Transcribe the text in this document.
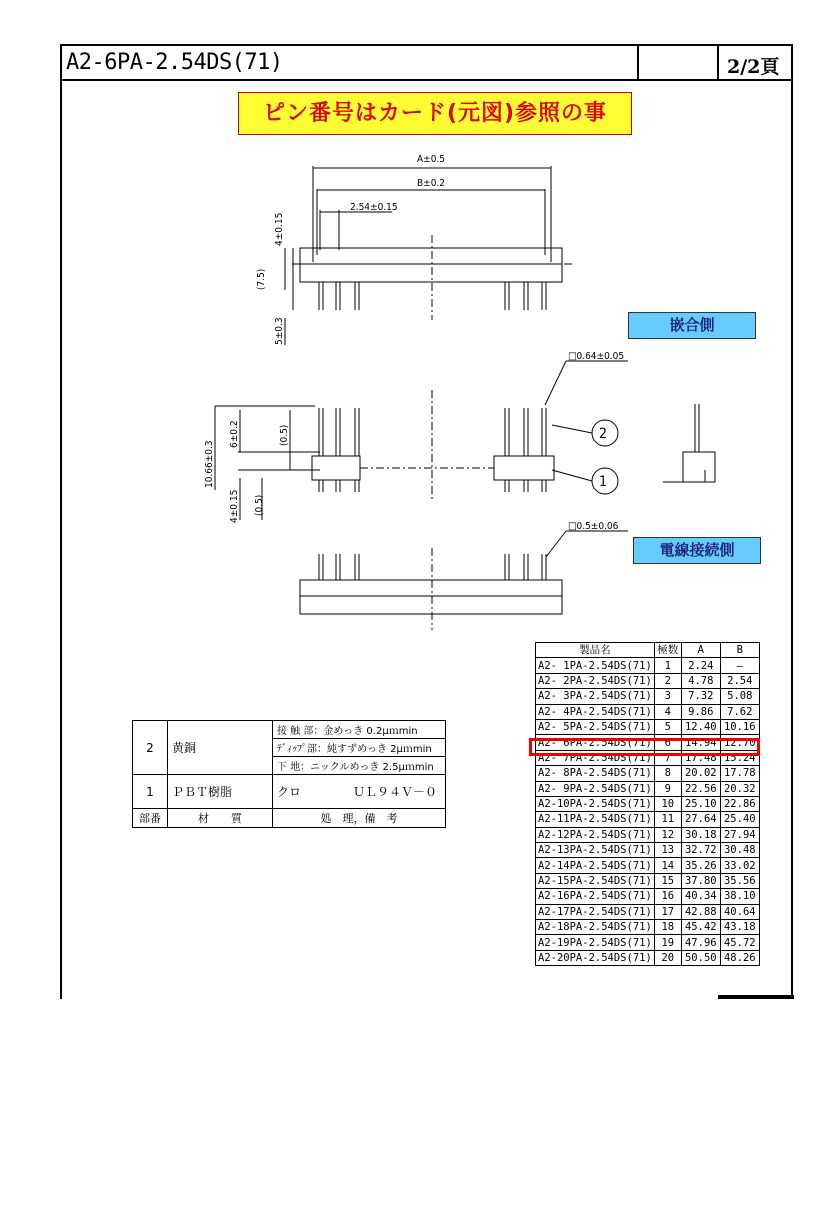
A2-6PA-2.54DS(71)	2/2頁
ピン番号はカード(元図)参照の事
嵌合側
電線接続側
A±0.5
B±0.2
2.54±0.15
□0.64±0.05
□0.5±0.06
2
1
4±0.15
(7.5)
5±0.3
10.66±0.3
6±0.2	(0.5)
4±0.15 (0.5)
製品名	極数	A	B
A2- 1PA-2.54DS(71)	1	2.24	—
A2- 2PA-2.54DS(71)	2	4.78	2.54
A2- 3PA-2.54DS(71)	3	7.32	5.08
A2- 4PA-2.54DS(71)	4	9.86	7.62
A2- 5PA-2.54DS(71)	5	12.40	10.16
A2- 6PA-2.54DS(71)	6	14.94	12.70
A2- 7PA-2.54DS(71)	7	17.48	15.24
A2- 8PA-2.54DS(71)	8	20.02	17.78
A2- 9PA-2.54DS(71)	9	22.56	20.32
A2-10PA-2.54DS(71)	10	25.10	22.86
A2-11PA-2.54DS(71)	11	27.64	25.40
A2-12PA-2.54DS(71)	12	30.18	27.94
A2-13PA-2.54DS(71)	13	32.72	30.48
A2-14PA-2.54DS(71)	14	35.26	33.02
A2-15PA-2.54DS(71)	15	37.80	35.56
A2-16PA-2.54DS(71)	16	40.34	38.10
A2-17PA-2.54DS(71)	17	42.88	40.64
A2-18PA-2.54DS(71)	18	45.42	43.18
A2-19PA-2.54DS(71)	19	47.96	45.72
A2-20PA-2.54DS(71)	20	50.50	48.26
2	黄銅	接 触 部：金めっき 0.2μｍmin
		ﾃﾞｨｯﾌﾟ部：純すずめっき 2μｍmin
		下 地：ニックルめっき 2.5μｍmin
1	ＰＢＴ樹脂	クロ ＵＬ９４Ｖ－０
部番	材　　質	処　理，備　考
